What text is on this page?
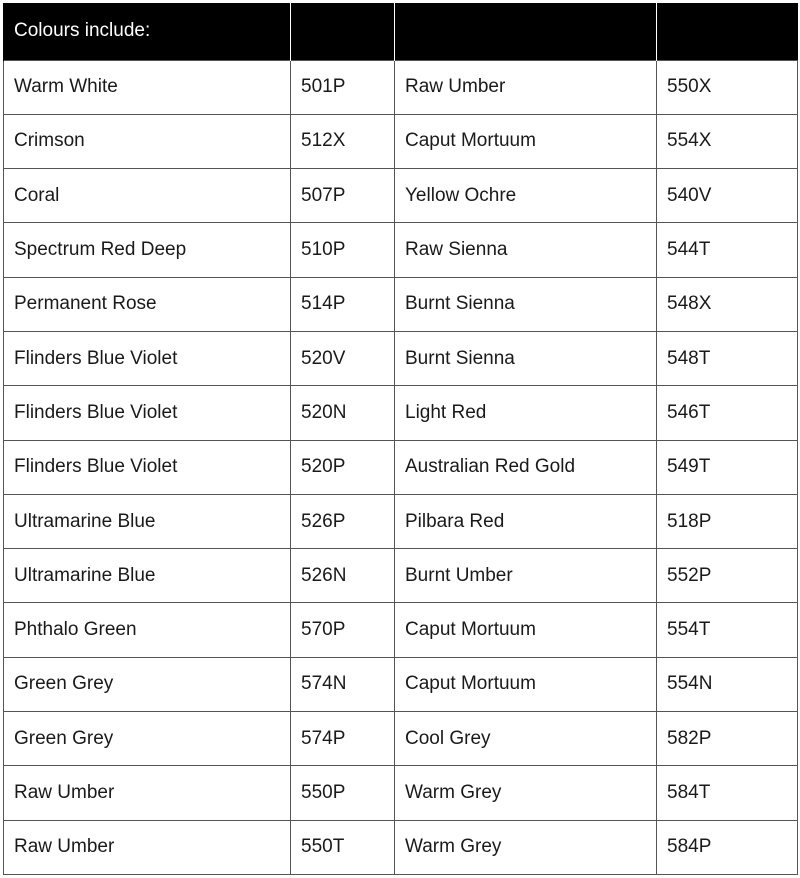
Colours include:			
Warm White	501P	Raw Umber	550X
Crimson	512X	Caput Mortuum	554X
Coral	507P	Yellow Ochre	540V
Spectrum Red Deep	510P	Raw Sienna	544T
Permanent Rose	514P	Burnt Sienna	548X
Flinders Blue Violet	520V	Burnt Sienna	548T
Flinders Blue Violet	520N	Light Red	546T
Flinders Blue Violet	520P	Australian Red Gold	549T
Ultramarine Blue	526P	Pilbara Red	518P
Ultramarine Blue	526N	Burnt Umber	552P
Phthalo Green	570P	Caput Mortuum	554T
Green Grey	574N	Caput Mortuum	554N
Green Grey	574P	Cool Grey	582P
Raw Umber	550P	Warm Grey	584T
Raw Umber	550T	Warm Grey	584P
